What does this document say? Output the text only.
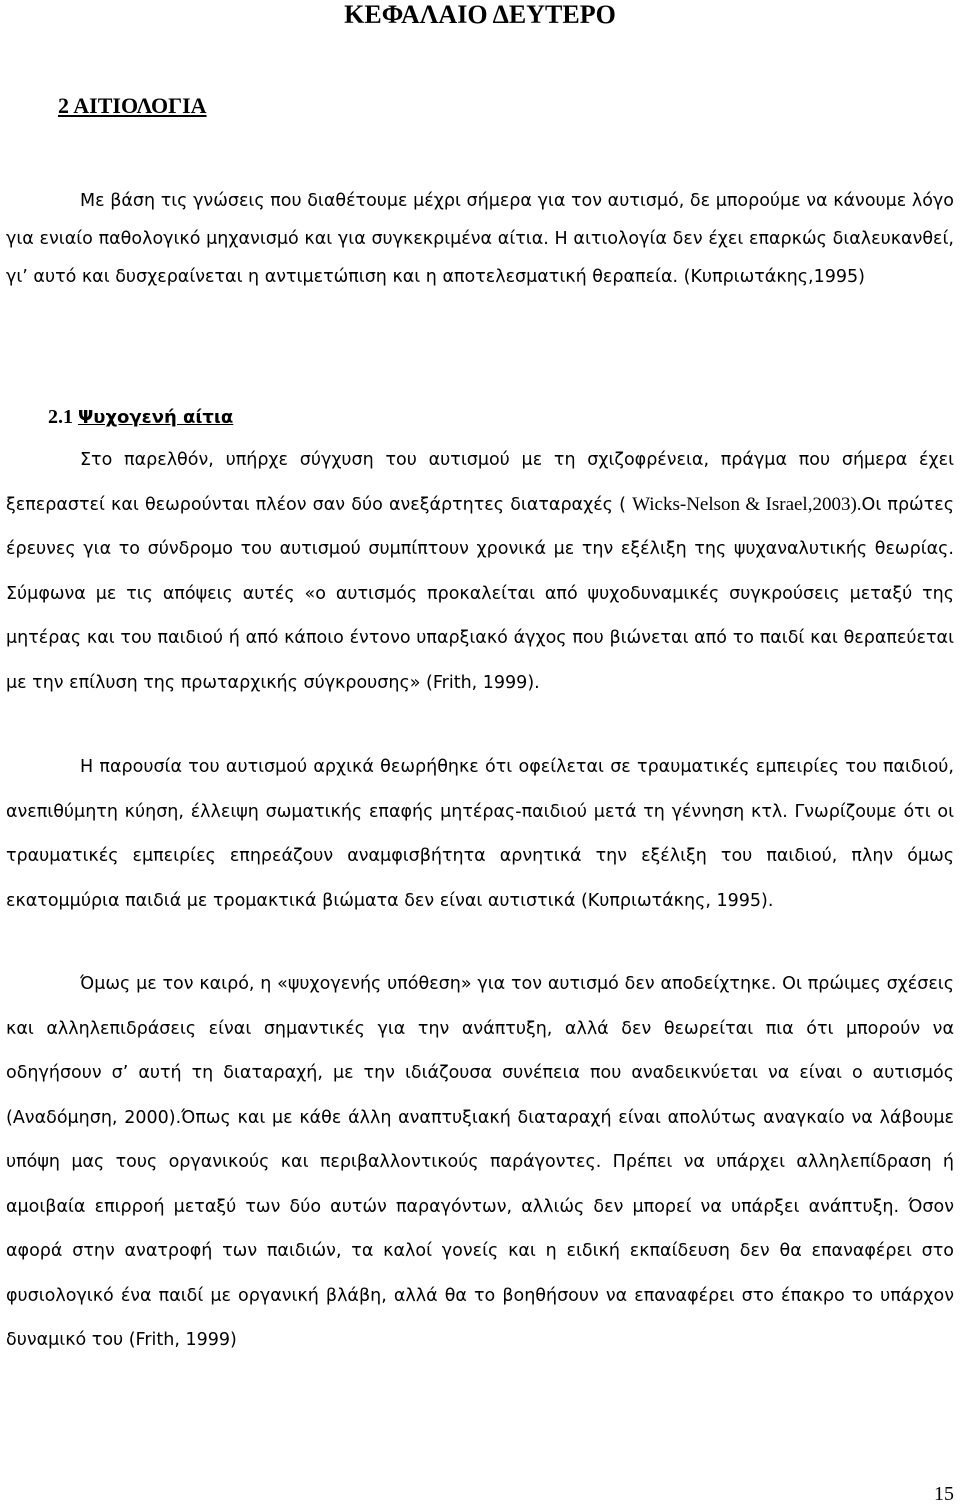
ΚΕΦΑΛΑΙΟ ΔΕΥΤΕΡΟ
2 ΑΙΤΙΟΛΟΓΙΑ

Με βάση τις γνώσεις που διαθέτουμε μέχρι σήμερα για τον αυτισμό, δε μπορούμε να κάνουμε λόγο για ενιαίο παθολογικό μηχανισμό και για συγκεκριμένα αίτια. Η αιτιολογία δεν έχει επαρκώς διαλευκανθεί, γι’ αυτό και δυσχεραίνεται η αντιμετώπιση και η αποτελεσματική θεραπεία. (Κυπριωτάκης,1995)

2.1 Ψυχογενή αίτια

Στο παρελθόν, υπήρχε σύγχυση του αυτισμού με τη σχιζοφρένεια, πράγμα που σήμερα έχει ξεπεραστεί και θεωρούνται πλέον σαν δύο ανεξάρτητες διαταραχές ( Wicks-Nelson & Israel,2003).Οι πρώτες έρευνες για το σύνδρομο του αυτισμού συμπίπτουν χρονικά με την εξέλιξη της ψυχαναλυτικής θεωρίας. Σύμφωνα με τις απόψεις αυτές «ο αυτισμός προκαλείται από ψυχοδυναμικές συγκρούσεις μεταξύ της μητέρας και του παιδιού ή από κάποιο έντονο υπαρξιακό άγχος που βιώνεται από το παιδί και θεραπεύεται με την επίλυση της πρωταρχικής σύγκρουσης» (Frith, 1999).

Η παρουσία του αυτισμού αρχικά θεωρήθηκε ότι οφείλεται σε τραυματικές εμπειρίες του παιδιού, ανεπιθύμητη κύηση, έλλειψη σωματικής επαφής μητέρας-παιδιού μετά τη γέννηση κτλ. Γνωρίζουμε ότι οι τραυματικές εμπειρίες επηρεάζουν αναμφισβήτητα αρνητικά την εξέλιξη του παιδιού, πλην όμως εκατομμύρια παιδιά με τρομακτικά βιώματα δεν είναι αυτιστικά (Κυπριωτάκης, 1995).

Όμως με τον καιρό, η «ψυχογενής υπόθεση» για τον αυτισμό δεν αποδείχτηκε. Οι πρώιμες σχέσεις και αλληλεπιδράσεις είναι σημαντικές για την ανάπτυξη, αλλά δεν θεωρείται πια ότι μπορούν να οδηγήσουν σ’ αυτή τη διαταραχή, με την ιδιάζουσα συνέπεια που αναδεικνύεται να είναι ο αυτισμός (Αναδόμηση, 2000).Όπως και με κάθε άλλη αναπτυξιακή διαταραχή είναι απολύτως αναγκαίο να λάβουμε υπόψη μας τους οργανικούς και περιβαλλοντικούς παράγοντες. Πρέπει να υπάρχει αλληλεπίδραση ή αμοιβαία επιρροή μεταξύ των δύο αυτών παραγόντων, αλλιώς δεν μπορεί να υπάρξει ανάπτυξη. Όσον αφορά στην ανατροφή των παιδιών, τα καλοί γονείς και η ειδική εκπαίδευση δεν θα επαναφέρει στο φυσιολογικό ένα παιδί με οργανική βλάβη, αλλά θα το βοηθήσουν να επαναφέρει στο έπακρο το υπάρχον δυναμικό του (Frith, 1999)

15
